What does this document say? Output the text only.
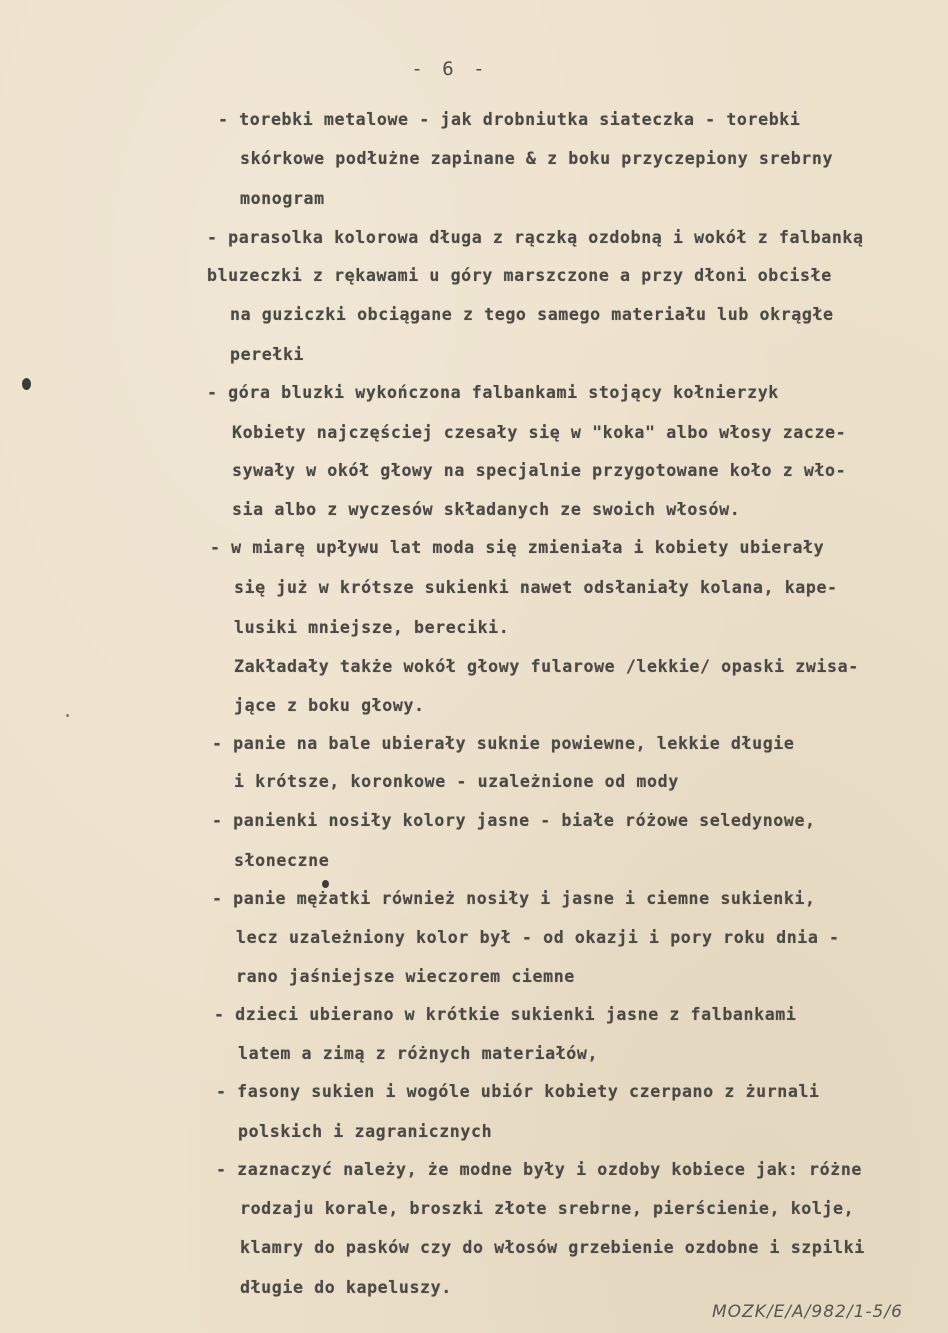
- 6 -
- torebki metalowe - jak drobniutka siateczka - torebki
skórkowe podłużne zapinane & z boku przyczepiony srebrny
monogram
- parasolka kolorowa długa z rączką ozdobną i wokół z falbanką
bluzeczki z rękawami u góry marszczone a przy dłoni obcisłe
na guziczki obciągane z tego samego materiału lub okrągłe
perełki
- góra bluzki wykończona falbankami stojący kołnierzyk
Kobiety najczęściej czesały się w "koka" albo włosy zacze-
sywały w okół głowy na specjalnie przygotowane koło z wło-
sia albo z wyczesów składanych ze swoich włosów.
- w miarę upływu lat moda się zmieniała i kobiety ubierały
się już w krótsze sukienki nawet odsłaniały kolana, kape-
lusiki mniejsze, bereciki.
Zakładały także wokół głowy fularowe /lekkie/ opaski zwisa-
jące z boku głowy.
- panie na bale ubierały suknie powiewne, lekkie długie
i krótsze, koronkowe - uzależnione od mody
- panienki nosiły kolory jasne - białe różowe seledynowe,
słoneczne
- panie mężatki również nosiły i jasne i ciemne sukienki,
lecz uzależniony kolor był - od okazji i pory roku dnia -
rano jaśniejsze wieczorem ciemne
- dzieci ubierano w krótkie sukienki jasne z falbankami
latem a zimą z różnych materiałów,
- fasony sukien i wogóle ubiór kobiety czerpano z żurnali
polskich i zagranicznych
- zaznaczyć należy, że modne były i ozdoby kobiece jak: różne
rodzaju korale, broszki złote srebrne, pierścienie, kolje,
klamry do pasków czy do włosów grzebienie ozdobne i szpilki
długie do kapeluszy.
MOZK/E/A/982/1-5/6
